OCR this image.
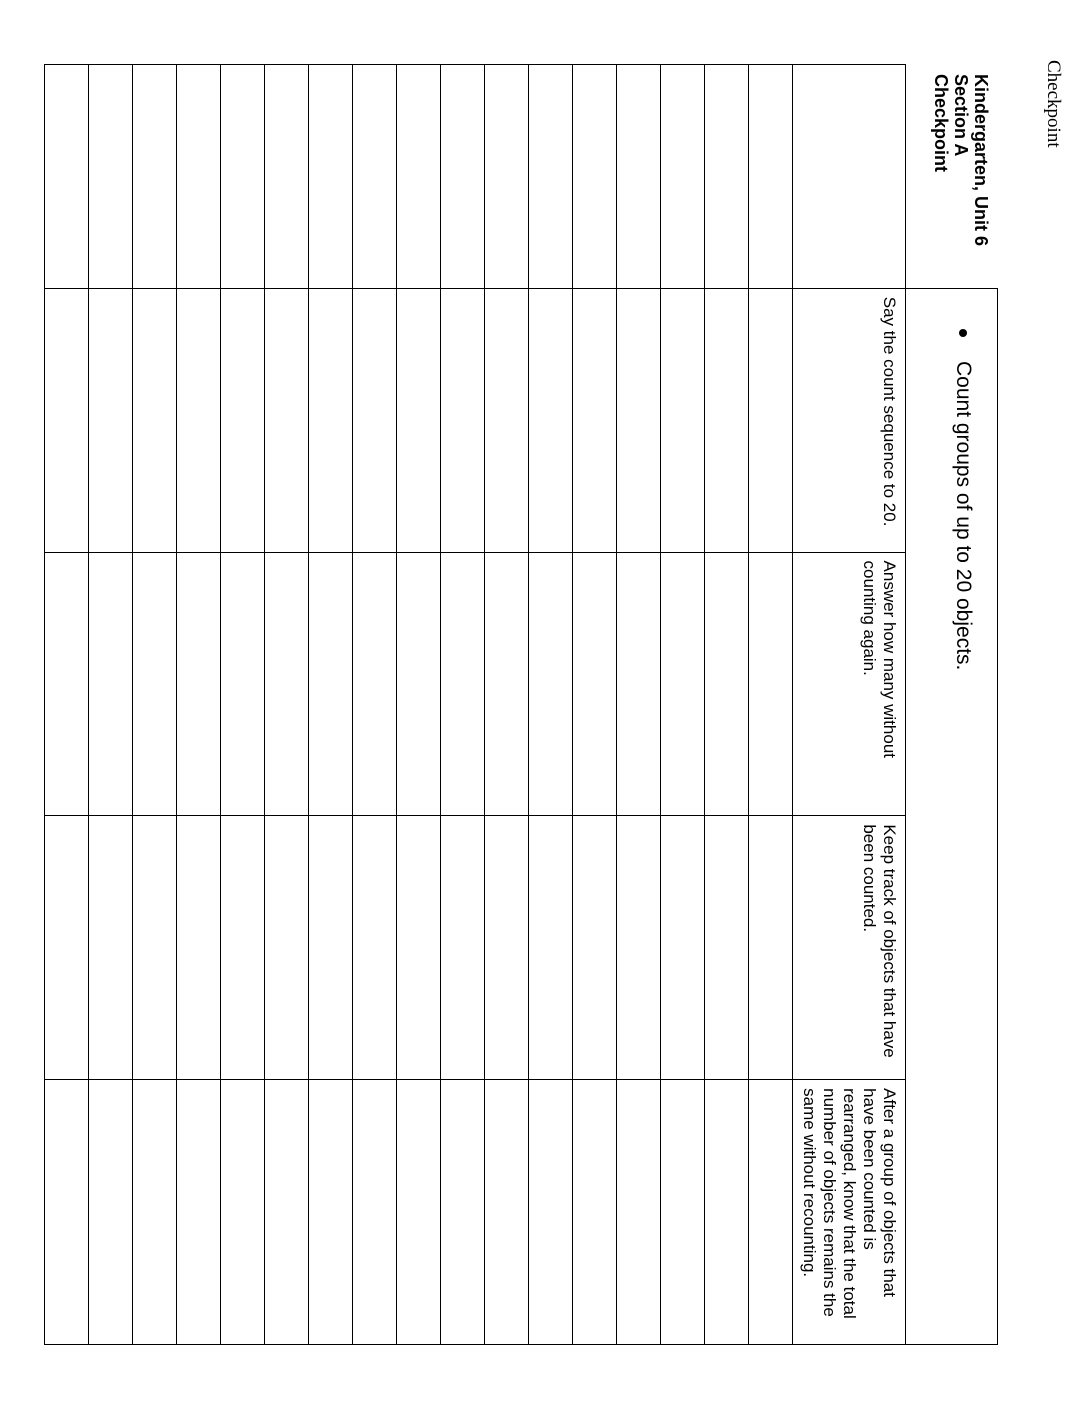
Checkpoint
Kindergarten, Unit 6
Section A
Checkpoint
Count groups of up to 20 objects.
	Say the count sequence to 20.	Answer how many without counting again.	Keep track of objects that have been counted.	After a group of objects that have been counted is rearranged, know that the total number of objects remains the same without recounting.
